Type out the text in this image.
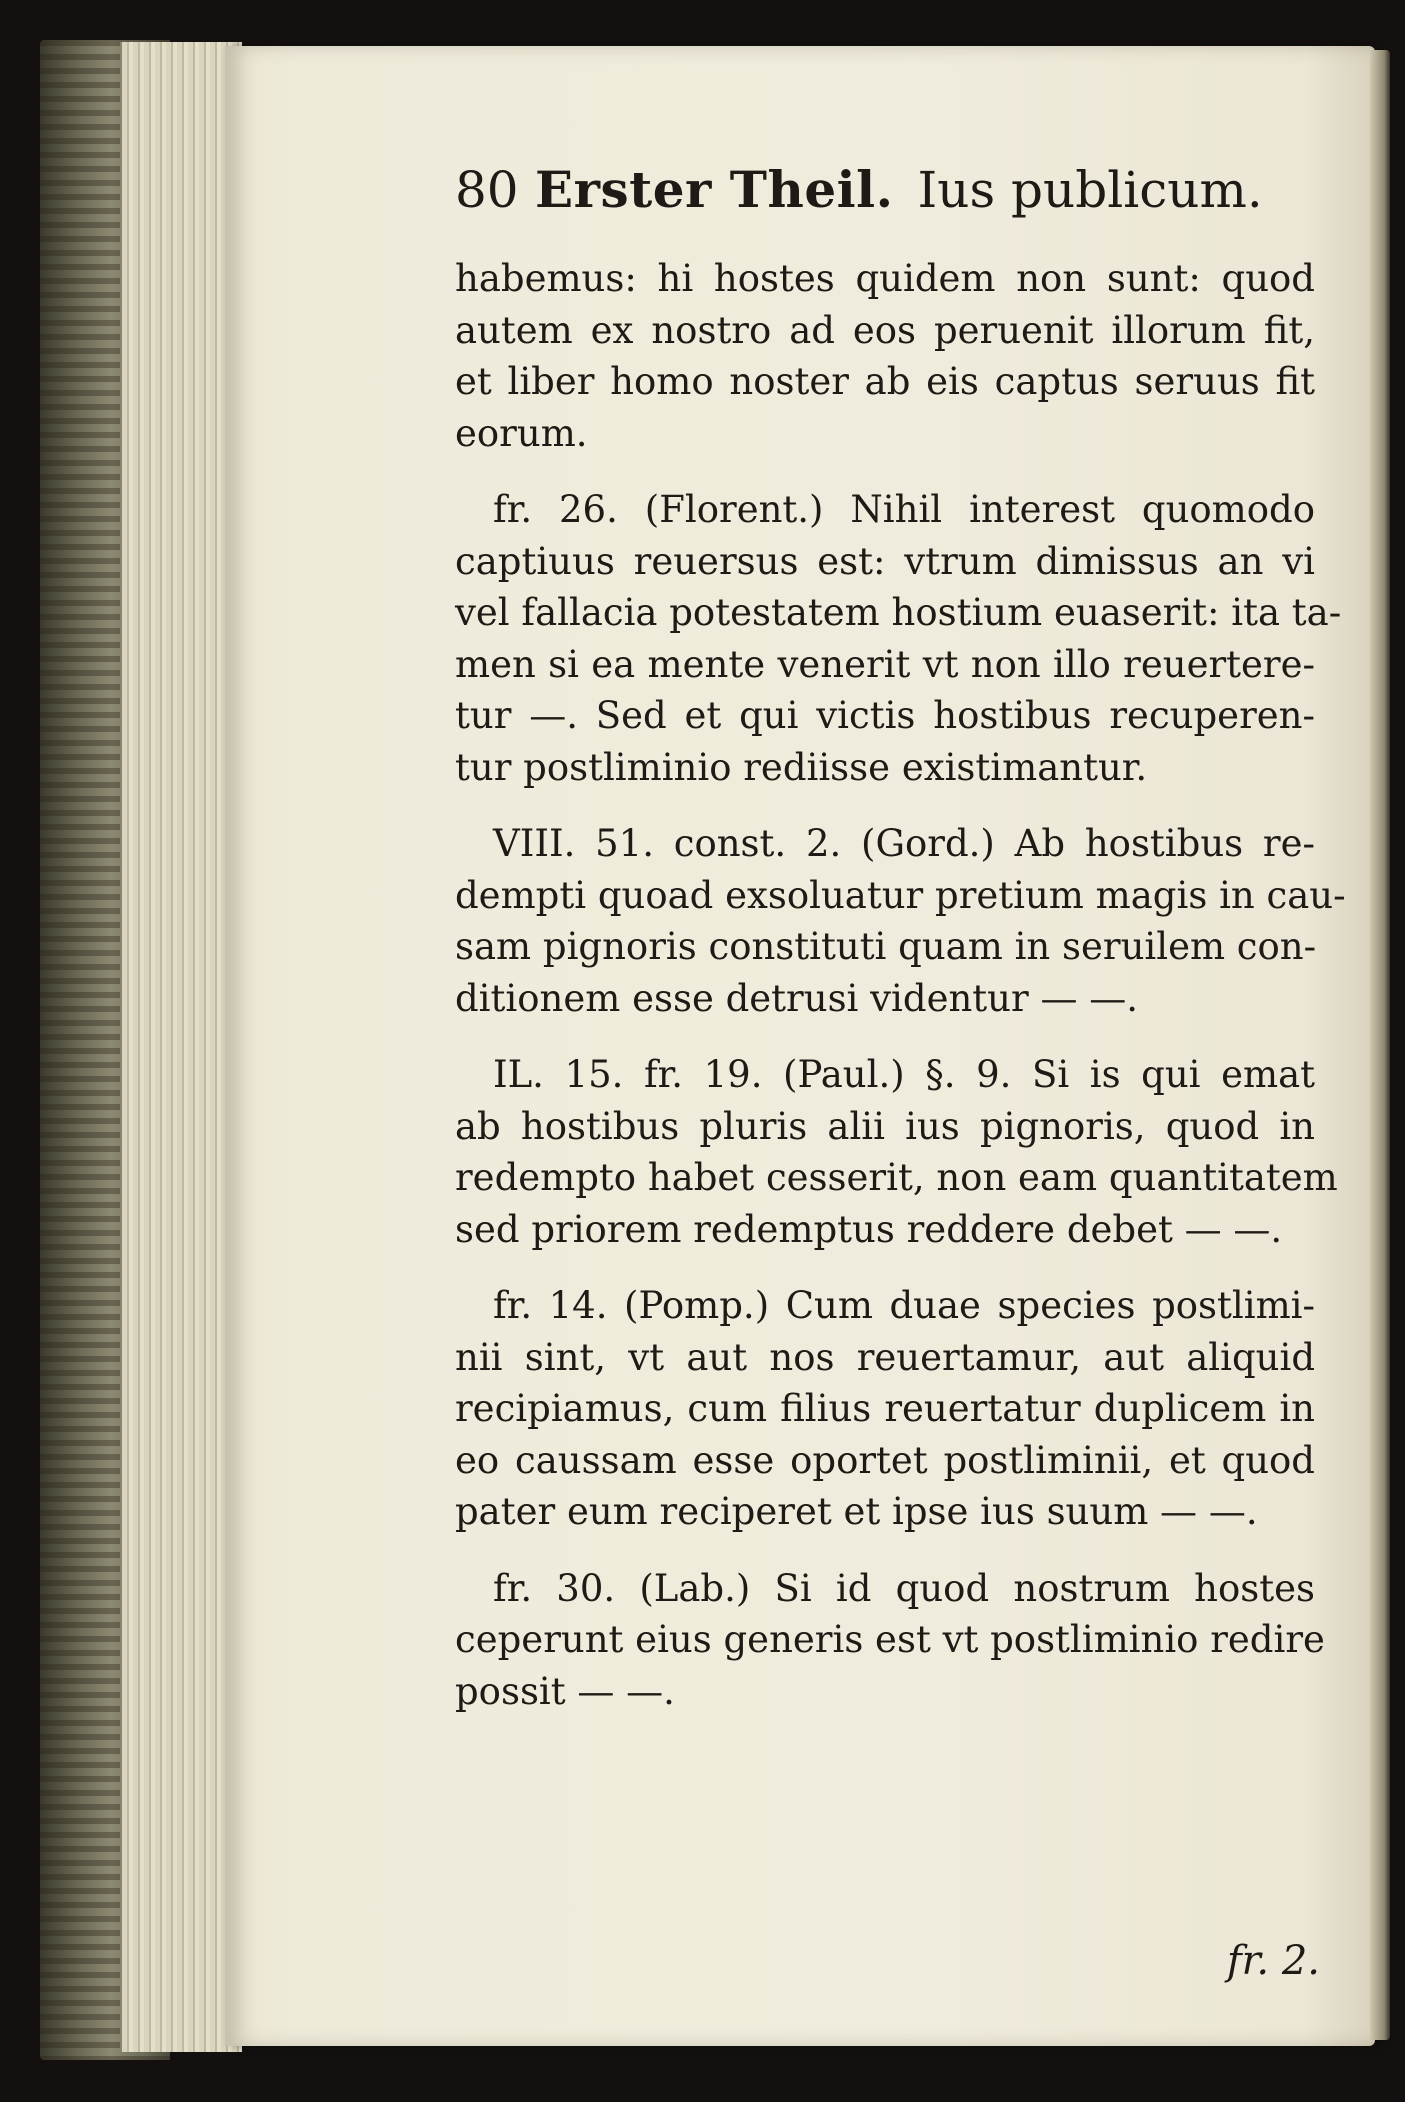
80 Erster Theil. Ius publicum.
habemus: hi hostes quidem non sunt: quod
autem ex nostro ad eos peruenit illorum fit,
et liber homo noster ab eis captus seruus fit
eorum.
fr. 26. (Florent.) Nihil interest quomodo
captiuus reuersus est: vtrum dimissus an vi
vel fallacia potestatem hostium euaserit: ita ta-
men si ea mente venerit vt non illo reuertere-
tur —. Sed et qui victis hostibus recuperen-
tur postliminio rediisse existimantur.
VIII. 51. const. 2. (Gord.) Ab hostibus re-
dempti quoad exsoluatur pretium magis in cau-
sam pignoris constituti quam in seruilem con-
ditionem esse detrusi videntur — —.
IL. 15. fr. 19. (Paul.) §. 9. Si is qui emat
ab hostibus pluris alii ius pignoris, quod in
redempto habet cesserit, non eam quantitatem
sed priorem redemptus reddere debet — —.
fr. 14. (Pomp.) Cum duae species postlimi-
nii sint, vt aut nos reuertamur, aut aliquid
recipiamus, cum filius reuertatur duplicem in
eo caussam esse oportet postliminii, et quod
pater eum reciperet et ipse ius suum — —.
fr. 30. (Lab.) Si id quod nostrum hostes
ceperunt eius generis est vt postliminio redire
possit — —.
fr. 2.
